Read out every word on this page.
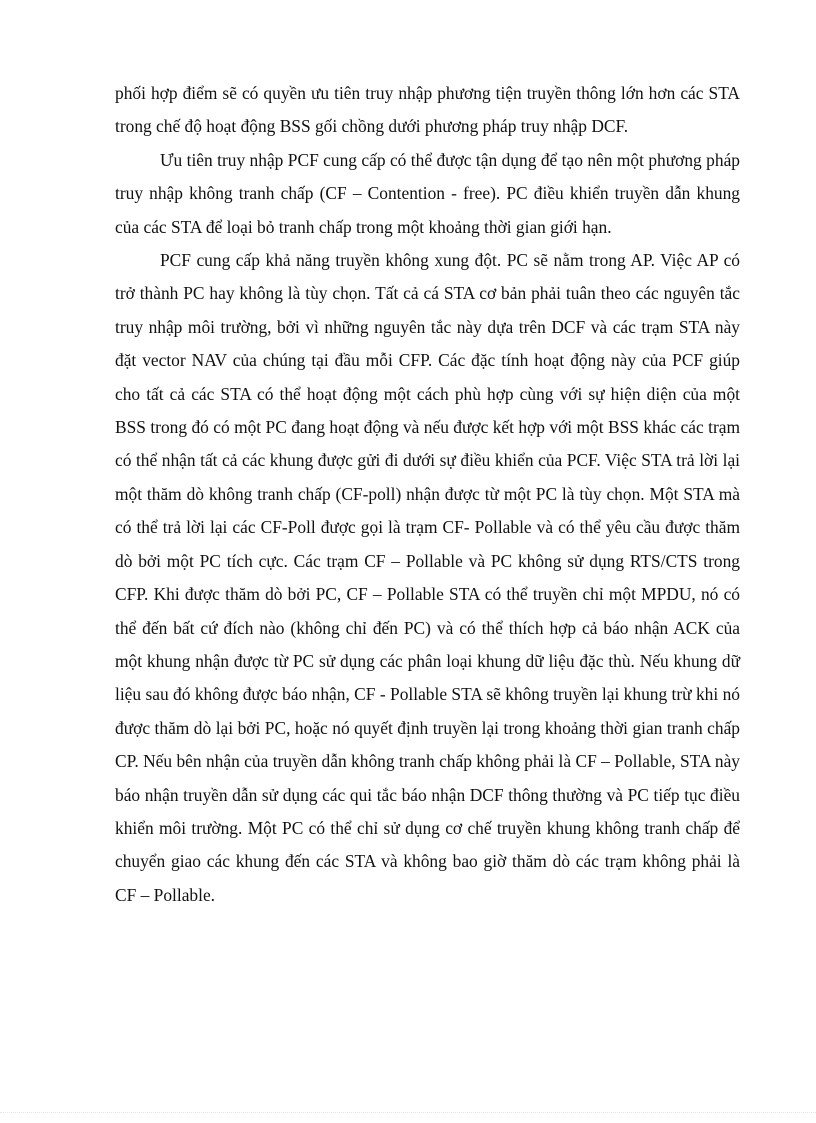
phối hợp điểm sẽ có quyền ưu tiên truy nhập phương tiện truyền thông lớn hơn các STA trong chế độ hoạt động BSS gối chồng dưới phương pháp truy nhập DCF.

Ưu tiên truy nhập PCF cung cấp có thể được tận dụng để tạo nên một phương pháp truy nhập không tranh chấp (CF – Contention - free). PC điều khiển truyền dẫn khung của các STA để loại bỏ tranh chấp trong một khoảng thời gian giới hạn.

PCF cung cấp khả năng truyền không xung đột. PC sẽ nằm trong AP. Việc AP có trở thành PC hay không là tùy chọn. Tất cả cá STA cơ bản phải tuân theo các nguyên tắc truy nhập môi trường, bởi vì những nguyên tắc này dựa trên DCF và các trạm STA này đặt vector NAV của chúng tại đầu mỗi CFP. Các đặc tính hoạt động này của PCF giúp cho tất cả các STA có thể hoạt động một cách phù hợp cùng với sự hiện diện của một BSS trong đó có một PC đang hoạt động và nếu được kết hợp với một BSS khác các trạm có thể nhận tất cả các khung được gửi đi dưới sự điều khiển của PCF. Việc STA trả lời lại một thăm dò không tranh chấp (CF-poll) nhận được từ một PC là tùy chọn. Một STA mà có thể trả lời lại các CF-Poll được gọi là trạm CF- Pollable và có thể yêu cầu được thăm dò bởi một PC tích cực. Các trạm CF – Pollable và PC không sử dụng RTS/CTS trong CFP. Khi được thăm dò bởi PC, CF – Pollable STA có thể truyền chỉ một MPDU, nó có thể đến bất cứ đích nào (không chỉ đến PC) và có thể thích hợp cả báo nhận ACK của một khung nhận được từ PC sử dụng các phân loại khung dữ liệu đặc thù. Nếu khung dữ liệu sau đó không được báo nhận, CF - Pollable STA sẽ không truyền lại khung trừ khi nó được thăm dò lại bởi PC, hoặc nó quyết định truyền lại trong khoảng thời gian tranh chấp CP. Nếu bên nhận của truyền dẫn không tranh chấp không phải là CF – Pollable, STA này báo nhận truyền dẫn sử dụng các qui tắc báo nhận DCF thông thường và PC tiếp tục điều khiển môi trường. Một PC có thể chỉ sử dụng cơ chế truyền khung không tranh chấp để chuyển giao các khung đến các STA và không bao giờ thăm dò các trạm không phải là CF – Pollable.
